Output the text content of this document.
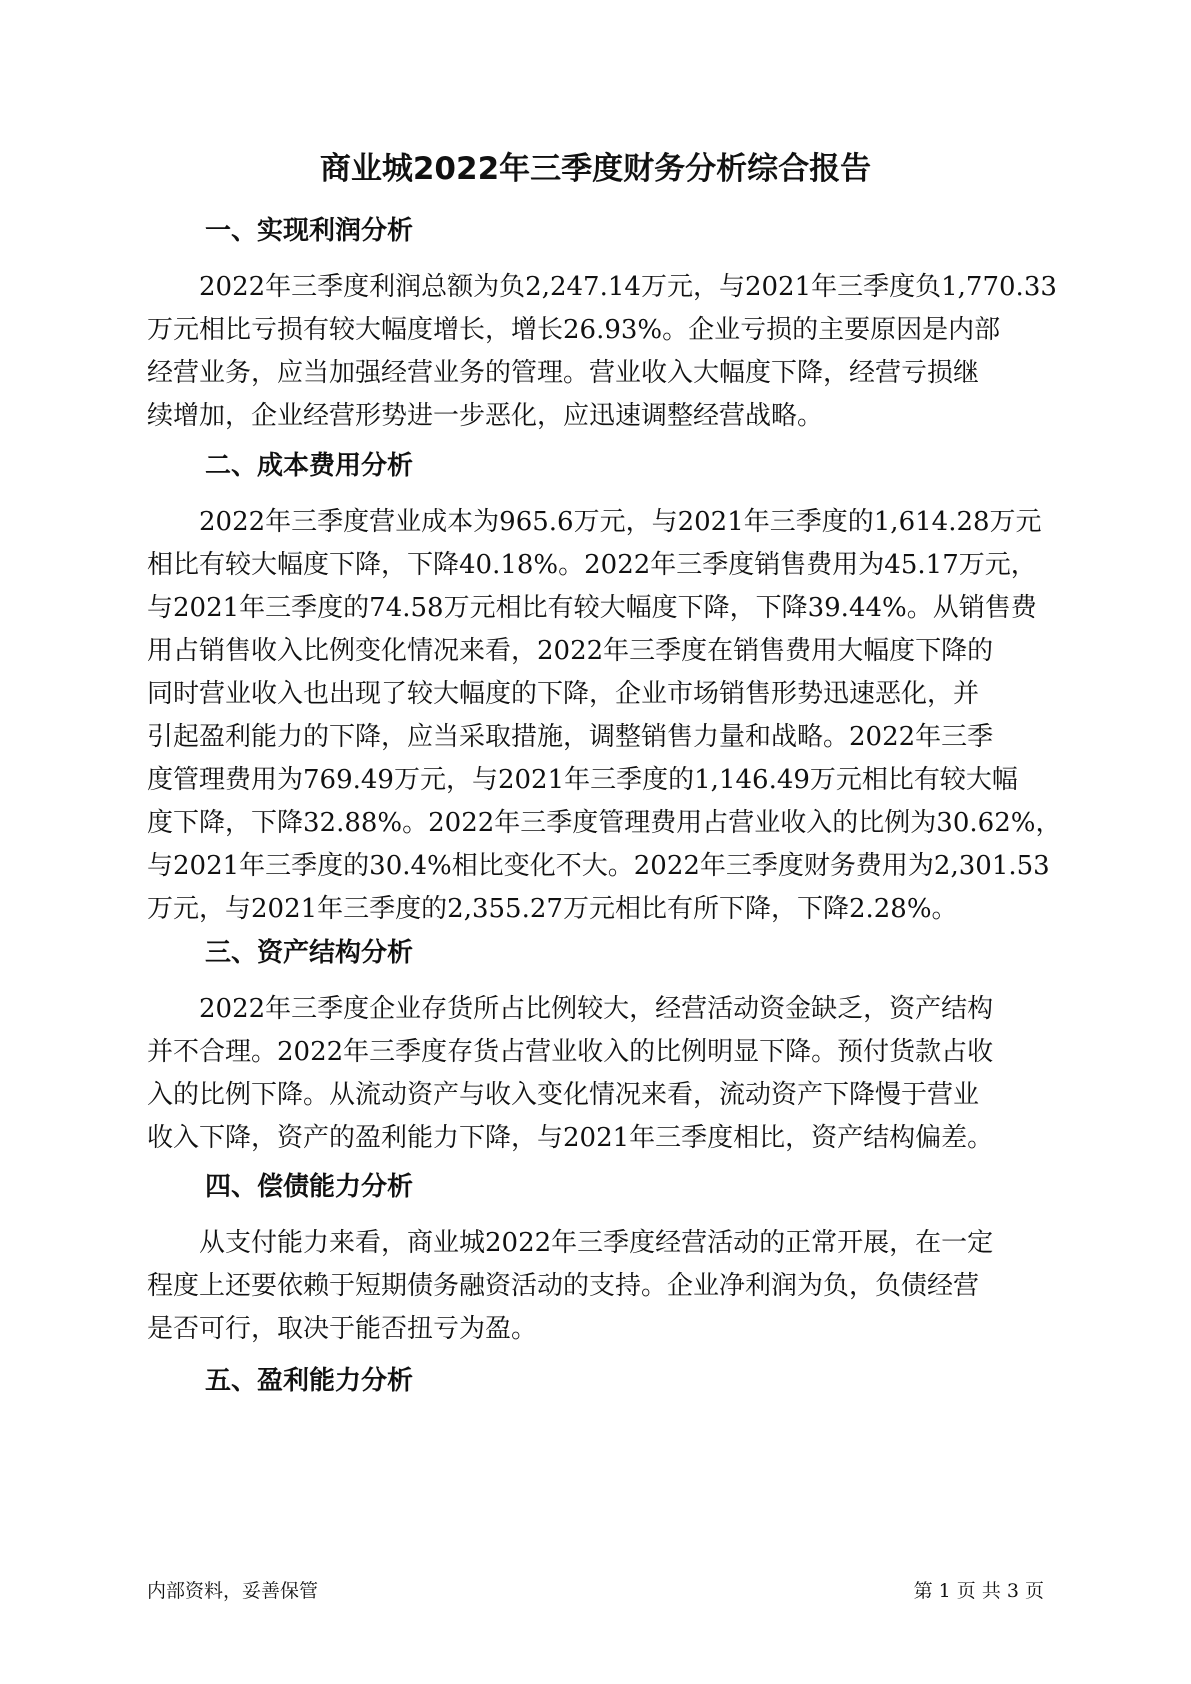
商业城2022年三季度财务分析综合报告
一、实现利润分析
2022年三季度利润总额为负2,247.14万元，与2021年三季度负1,770.33
万元相比亏损有较大幅度增长，增长26.93%。企业亏损的主要原因是内部
经营业务，应当加强经营业务的管理。营业收入大幅度下降，经营亏损继
续增加，企业经营形势进一步恶化，应迅速调整经营战略。
二、成本费用分析
2022年三季度营业成本为965.6万元，与2021年三季度的1,614.28万元
相比有较大幅度下降，下降40.18%。2022年三季度销售费用为45.17万元，
与2021年三季度的74.58万元相比有较大幅度下降，下降39.44%。从销售费
用占销售收入比例变化情况来看，2022年三季度在销售费用大幅度下降的
同时营业收入也出现了较大幅度的下降，企业市场销售形势迅速恶化，并
引起盈利能力的下降，应当采取措施，调整销售力量和战略。2022年三季
度管理费用为769.49万元，与2021年三季度的1,146.49万元相比有较大幅
度下降，下降32.88%。2022年三季度管理费用占营业收入的比例为30.62%，
与2021年三季度的30.4%相比变化不大。2022年三季度财务费用为2,301.53
万元，与2021年三季度的2,355.27万元相比有所下降，下降2.28%。
三、资产结构分析
2022年三季度企业存货所占比例较大，经营活动资金缺乏，资产结构
并不合理。2022年三季度存货占营业收入的比例明显下降。预付货款占收
入的比例下降。从流动资产与收入变化情况来看，流动资产下降慢于营业
收入下降，资产的盈利能力下降，与2021年三季度相比，资产结构偏差。
四、偿债能力分析
从支付能力来看，商业城2022年三季度经营活动的正常开展，在一定
程度上还要依赖于短期债务融资活动的支持。企业净利润为负，负债经营
是否可行，取决于能否扭亏为盈。
五、盈利能力分析
内部资料，妥善保管	第 1 页 共 3 页
